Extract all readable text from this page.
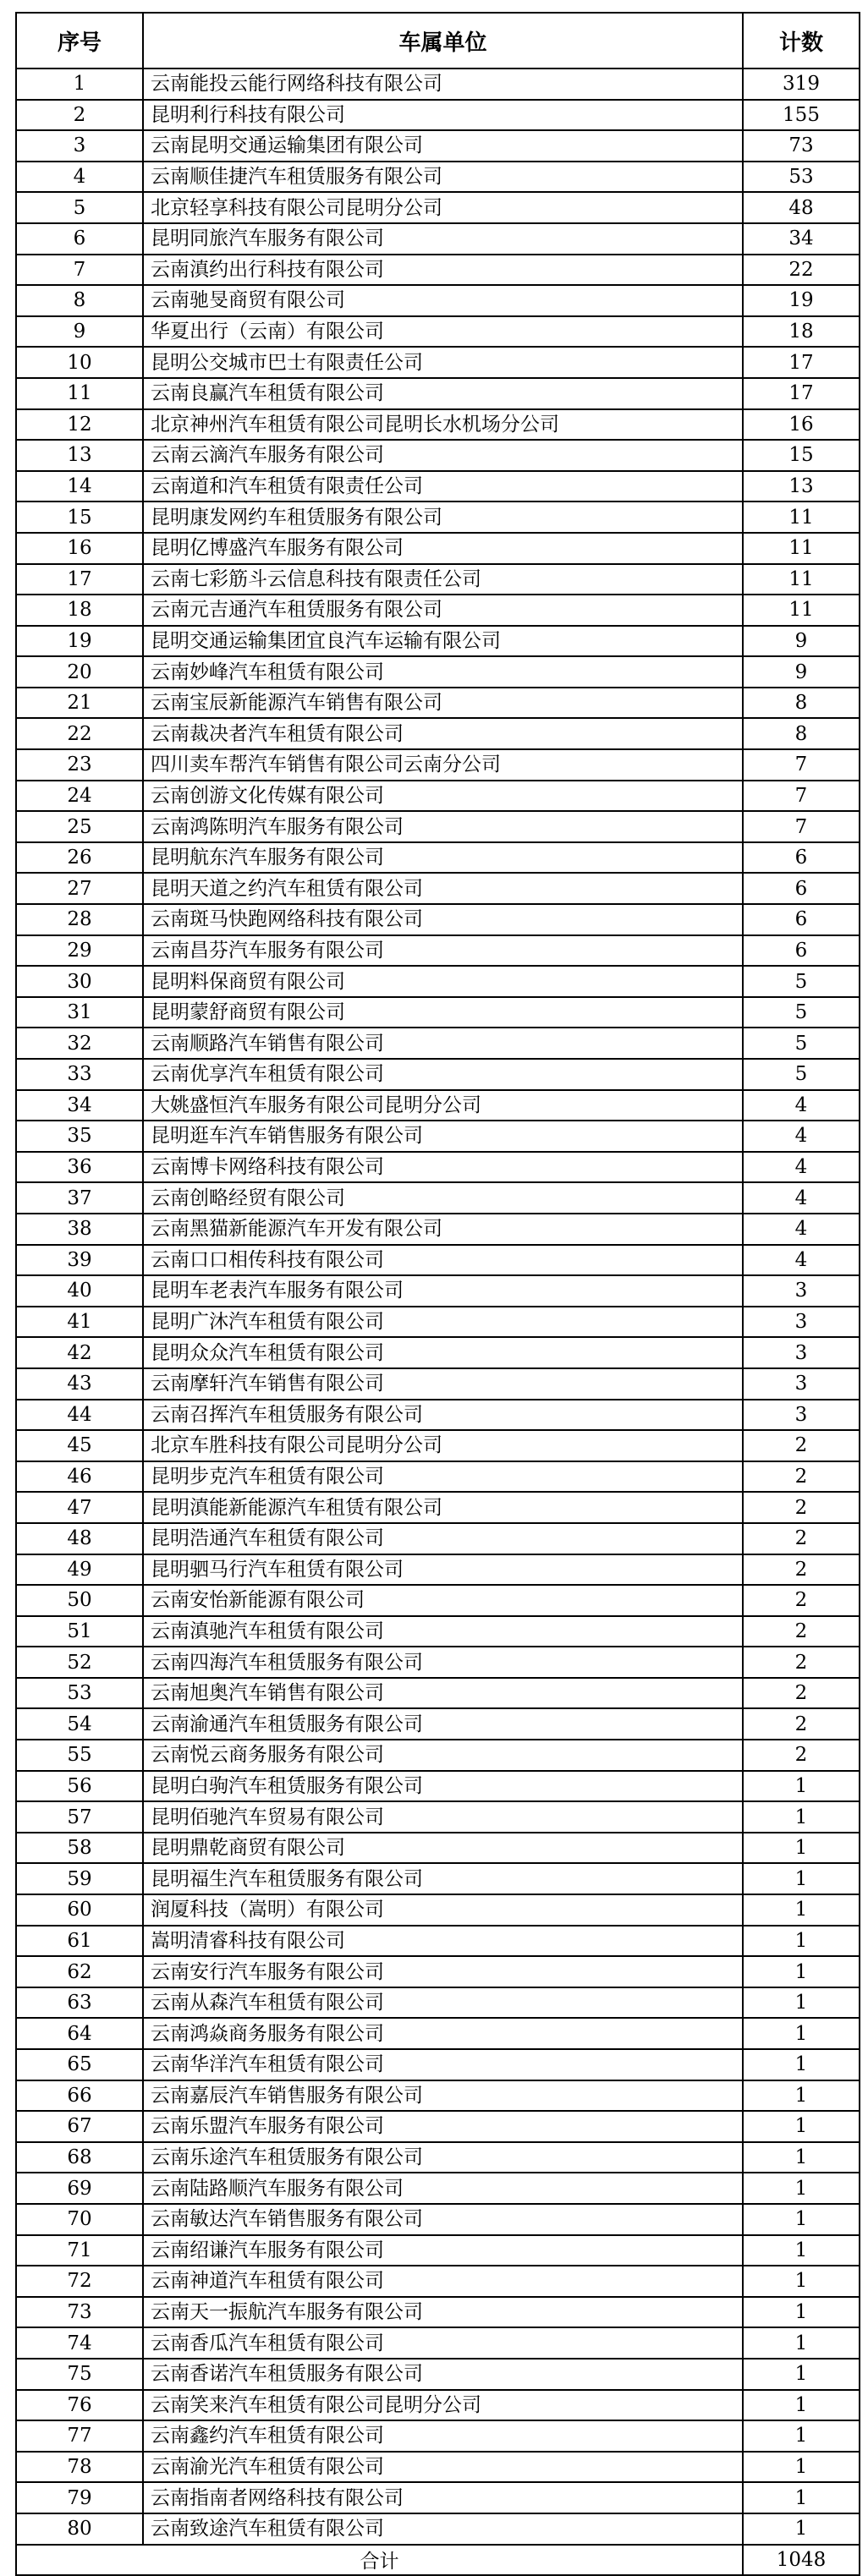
序号	车属单位	计数
1	云南能投云能行网络科技有限公司	319
2	昆明利行科技有限公司	155
3	云南昆明交通运输集团有限公司	73
4	云南顺佳捷汽车租赁服务有限公司	53
5	北京轻享科技有限公司昆明分公司	48
6	昆明同旅汽车服务有限公司	34
7	云南滇约出行科技有限公司	22
8	云南驰旻商贸有限公司	19
9	华夏出行（云南）有限公司	18
10	昆明公交城市巴士有限责任公司	17
11	云南良赢汽车租赁有限公司	17
12	北京神州汽车租赁有限公司昆明长水机场分公司	16
13	云南云滴汽车服务有限公司	15
14	云南道和汽车租赁有限责任公司	13
15	昆明康发网约车租赁服务有限公司	11
16	昆明亿博盛汽车服务有限公司	11
17	云南七彩筋斗云信息科技有限责任公司	11
18	云南元吉通汽车租赁服务有限公司	11
19	昆明交通运输集团宜良汽车运输有限公司	9
20	云南妙峰汽车租赁有限公司	9
21	云南宝辰新能源汽车销售有限公司	8
22	云南裁决者汽车租赁有限公司	8
23	四川卖车帮汽车销售有限公司云南分公司	7
24	云南创游文化传媒有限公司	7
25	云南鸿陈明汽车服务有限公司	7
26	昆明航东汽车服务有限公司	6
27	昆明天道之约汽车租赁有限公司	6
28	云南斑马快跑网络科技有限公司	6
29	云南昌芬汽车服务有限公司	6
30	昆明料保商贸有限公司	5
31	昆明蒙舒商贸有限公司	5
32	云南顺路汽车销售有限公司	5
33	云南优享汽车租赁有限公司	5
34	大姚盛恒汽车服务有限公司昆明分公司	4
35	昆明逛车汽车销售服务有限公司	4
36	云南博卡网络科技有限公司	4
37	云南创略经贸有限公司	4
38	云南黑猫新能源汽车开发有限公司	4
39	云南口口相传科技有限公司	4
40	昆明车老表汽车服务有限公司	3
41	昆明广沐汽车租赁有限公司	3
42	昆明众众汽车租赁有限公司	3
43	云南摩轩汽车销售有限公司	3
44	云南召挥汽车租赁服务有限公司	3
45	北京车胜科技有限公司昆明分公司	2
46	昆明步克汽车租赁有限公司	2
47	昆明滇能新能源汽车租赁有限公司	2
48	昆明浩通汽车租赁有限公司	2
49	昆明驷马行汽车租赁有限公司	2
50	云南安怡新能源有限公司	2
51	云南滇驰汽车租赁有限公司	2
52	云南四海汽车租赁服务有限公司	2
53	云南旭奥汽车销售有限公司	2
54	云南渝通汽车租赁服务有限公司	2
55	云南悦云商务服务有限公司	2
56	昆明白驹汽车租赁服务有限公司	1
57	昆明佰驰汽车贸易有限公司	1
58	昆明鼎乾商贸有限公司	1
59	昆明福生汽车租赁服务有限公司	1
60	润厦科技（嵩明）有限公司	1
61	嵩明清睿科技有限公司	1
62	云南安行汽车服务有限公司	1
63	云南从森汽车租赁有限公司	1
64	云南鸿焱商务服务有限公司	1
65	云南华洋汽车租赁有限公司	1
66	云南嘉辰汽车销售服务有限公司	1
67	云南乐盟汽车服务有限公司	1
68	云南乐途汽车租赁服务有限公司	1
69	云南陆路顺汽车服务有限公司	1
70	云南敏达汽车销售服务有限公司	1
71	云南绍谦汽车服务有限公司	1
72	云南神道汽车租赁有限公司	1
73	云南天一振航汽车服务有限公司	1
74	云南香瓜汽车租赁有限公司	1
75	云南香诺汽车租赁服务有限公司	1
76	云南笑来汽车租赁有限公司昆明分公司	1
77	云南鑫约汽车租赁有限公司	1
78	云南渝光汽车租赁有限公司	1
79	云南指南者网络科技有限公司	1
80	云南致途汽车租赁有限公司	1
合计		1048
